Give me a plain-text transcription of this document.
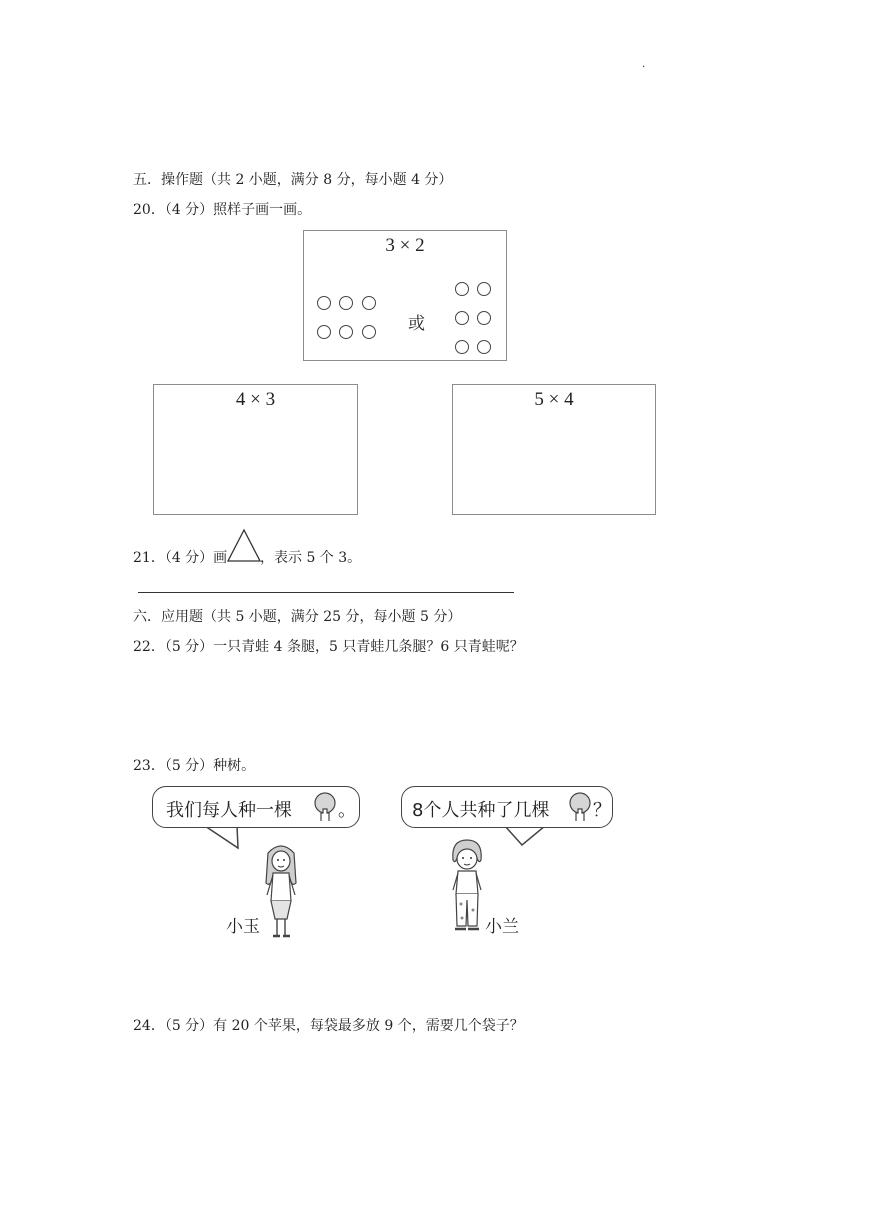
.
五．操作题（共 2 小题，满分 8 分，每小题 4 分）
20．（4 分）照样子画一画。
3 × 2
或
4 × 3	5 × 4
21．（4 分）画 ，表示 5 个 3。
六．应用题（共 5 小题，满分 25 分，每小题 5 分）
22．（5 分）一只青蛙 4 条腿，5 只青蛙几条腿？6 只青蛙呢？
23．（5 分）种树。
我们每人种一棵	。	8个人共种了几棵 ？
小玉	小兰
24．（5 分）有 20 个苹果，每袋最多放 9 个，需要几个袋子？
